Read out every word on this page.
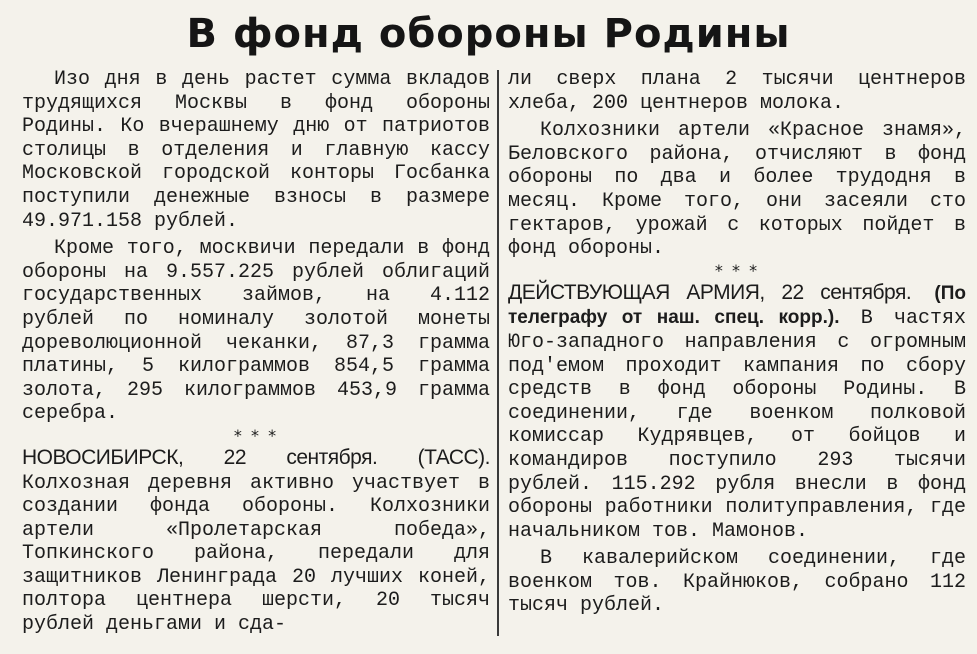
В фонд обороны Родины

Изо дня в день растет сумма вкладов трудящихся Москвы в фонд обороны Родины. Ко вчерашнему дню от патриотов столицы в отделения и главную кассу Московской городской конторы Госбанка поступили денежные взносы в размере 49.971.158 рублей.

Кроме того, москвичи передали в фонд обороны на 9.557.225 рублей облигаций государственных займов, на 4.112 рублей по номиналу золотой монеты дореволюционной чеканки, 87,3 грамма платины, 5 килограммов 854,5 грамма золота, 295 килограммов 453,9 грамма серебра.

* * *

НОВОСИБИРСК, 22 сентября. (ТАСС). Колхозная деревня активно участвует в создании фонда обороны. Колхозники артели «Пролетарская победа», Топкинского района, передали для защитников Ленинграда 20 лучших коней, полтора центнера шерсти, 20 тысяч рублей деньгами и сда-

ли сверх плана 2 тысячи центнеров хлеба, 200 центнеров молока.

Колхозники артели «Красное знамя», Беловского района, отчисляют в фонд обороны по два и более трудодня в месяц. Кроме того, они засеяли сто гектаров, урожай с которых пойдет в фонд обороны.

* * *

ДЕЙСТВУЮЩАЯ АРМИЯ, 22 сентября. (По телеграфу от наш. спец. корр.). В частях Юго-западного направления с огромным под'емом проходит кампания по сбору средств в фонд обороны Родины. В соединении, где военком полковой комиссар Кудрявцев, от бойцов и командиров поступило 293 тысячи рублей. 115.292 рубля внесли в фонд обороны работники политуправления, где начальником тов. Мамонов.

В кавалерийском соединении, где военком тов. Крайнюков, собрано 112 тысяч рублей.
